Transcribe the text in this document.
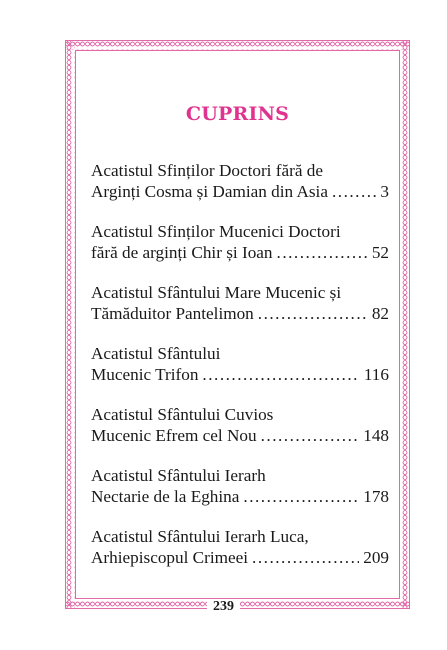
CUPRINS
Acatistul Sfinților Doctori fără de
Arginți Cosma și Damian din Asia .....	3
Acatistul Sfinților Mucenici Doctori
fără de arginți Chir și Ioan .....	52
Acatistul Sfântului Mare Mucenic și
Tămăduitor Pantelimon .....	82
Acatistul Sfântului
Mucenic Trifon .....	116
Acatistul Sfântului Cuvios
Mucenic Efrem cel Nou .....	148
Acatistul Sfântului Ierarh
Nectarie de la Eghina .....	178
Acatistul Sfântului Ierarh Luca,
Arhiepiscopul Crimeei .....	209
239
